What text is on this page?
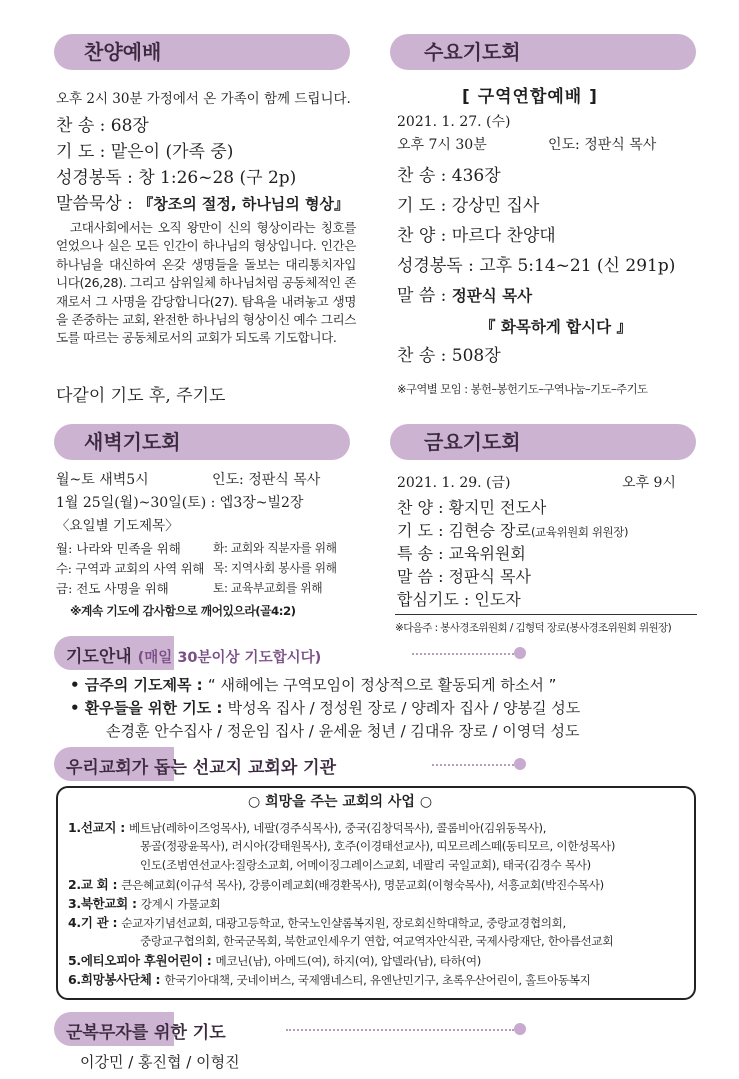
찬양예배
오후 2시 30분 가정에서 온 가족이 함께 드립니다.
찬 송 : 68장
기 도 : 맡은이 (가족 중)
성경봉독 : 창 1:26~28 (구 2p)
말씀묵상 : 『창조의 절정, 하나님의 형상』
고대사회에서는 오직 왕만이 신의 형상이라는 칭호를 얻었으나 실은 모든 인간이 하나님의 형상입니다. 인간은 하나님을 대신하여 온갖 생명들을 돌보는 대리통치자입니다(26,28). 그리고 삼위일체 하나님처럼 공동체적인 존재로서 그 사명을 감당합니다(27). 탐욕을 내려놓고 생명을 존중하는 교회, 완전한 하나님의 형상이신 예수 그리스도를 따르는 공동체로서의 교회가 되도록 기도합니다.
다같이 기도 후, 주기도
수요기도회
[ 구역연합예배 ]
2021. 1. 27. (수)
오후 7시 30분	인도: 정판식 목사
찬 송 : 436장
기 도 : 강상민 집사
찬 양 : 마르다 찬양대
성경봉독 : 고후 5:14~21 (신 291p)
말 씀 : 정판식 목사
『 화목하게 합시다 』
찬 송 : 508장
※구역별 모임 : 봉헌–봉헌기도–구역나눔–기도–주기도
새벽기도회
월~토 새벽5시	인도: 정판식 목사
1월 25일(월)~30일(토) : 엡3장~빌2장
〈요일별 기도제목〉
월: 나라와 민족을 위해	화: 교회와 직분자를 위해
수: 구역과 교회의 사역 위해 목: 지역사회 봉사를 위해
금: 전도 사명을 위해	토: 교육부교회를 위해
※계속 기도에 감사함으로 깨어있으라(골4:2)
금요기도회
2021. 1. 29. (금)	오후 9시
찬 양 : 황지민 전도사
기 도 : 김현승 장로(교육위원회 위원장)
특 송 : 교육위원회
말 씀 : 정판식 목사
합심기도 : 인도자
※다음주 : 봉사경조위원회 / 김형덕 장로(봉사경조위원회 위원장)
기도안내 (매일 30분이상 기도합시다)
• 금주의 기도제목 : “ 새해에는 구역모임이 정상적으로 활동되게 하소서 ”
• 환우들을 위한 기도 : 박성옥 집사 / 정성원 장로 / 양례자 집사 / 양봉길 성도
손경훈 안수집사 / 정운임 집사 / 윤세윤 청년 / 김대유 장로 / 이영덕 성도
우리교회가 돕는 선교지 교회와 기관
○ 희망을 주는 교회의 사업 ○
1.선교지 : 베트남(레하이즈엉목사), 네팔(경주식목사), 중국(김창덕목사), 콜롬비아(김위동목사),
몽골(정광윤목사), 러시아(강태원목사), 호주(이경태선교사), 띠모르레스떼(동티모르, 이한성목사)
인도(조범연선교사:질랑소교회, 어메이징그레이스교회, 네팔리 국일교회), 태국(김경수 목사)
2.교 회 : 큰은혜교회(이규석 목사), 강릉이레교회(배경환목사), 명문교회(이형숙목사), 서흥교회(박진수목사)
3.북한교회 : 강계시 가물교회
4.기 관 : 순교자기념선교회, 대광고등학교, 한국노인샬롬복지원, 장로회신학대학교, 중랑교경협의회,
중랑교구협의회, 한국군목회, 북한교인세우기 연합, 여교역자안식관, 국제사랑재단, 한아름선교회
5.에티오피아 후원어린이 : 메코닌(남), 아메드(여), 하지(여), 압델라(남), 타하(여)
6.희망봉사단체 : 한국기아대책, 굿네이버스, 국제앰네스티, 유엔난민기구, 초록우산어린이, 홀트아동복지
군복무자를 위한 기도
이강민 / 홍진협 / 이형진
